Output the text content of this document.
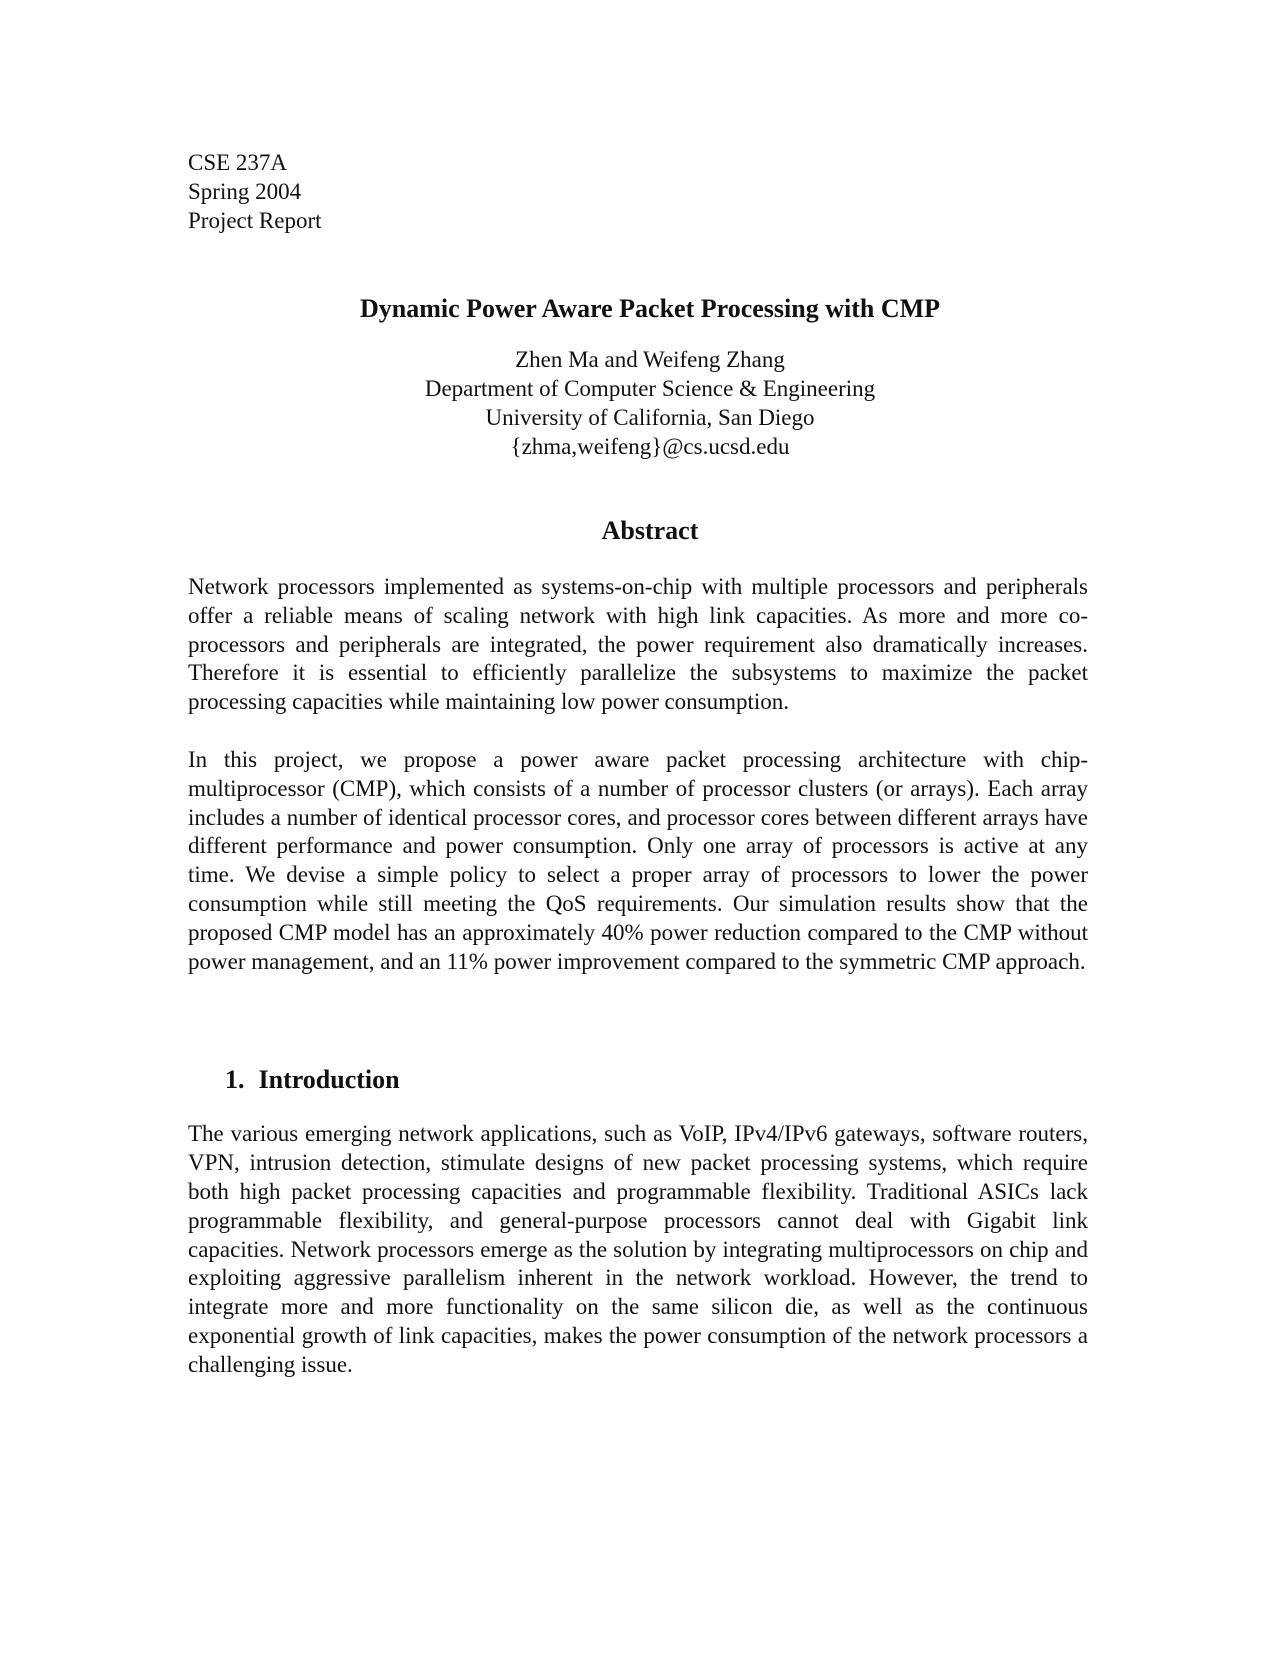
CSE 237A
Spring 2004
Project Report
Dynamic Power Aware Packet Processing with CMP
Zhen Ma and Weifeng Zhang
Department of Computer Science & Engineering
University of California, San Diego
{zhma,weifeng}@cs.ucsd.edu
Abstract

Network processors implemented as systems-on-chip with multiple processors and peripherals offer a reliable means of scaling network with high link capacities. As more and more co-processors and peripherals are integrated, the power requirement also dramatically increases. Therefore it is essential to efficiently parallelize the subsystems to maximize the packet processing capacities while maintaining low power consumption.

In this project, we propose a power aware packet processing architecture with chip-multiprocessor (CMP), which consists of a number of processor clusters (or arrays). Each array includes a number of identical processor cores, and processor cores between different arrays have different performance and power consumption. Only one array of processors is active at any time. We devise a simple policy to select a proper array of processors to lower the power consumption while still meeting the QoS requirements. Our simulation results show that the proposed CMP model has an approximately 40% power reduction compared to the CMP without power management, and an 11% power improvement compared to the symmetric CMP approach.

1. Introduction

The various emerging network applications, such as VoIP, IPv4/IPv6 gateways, software routers, VPN, intrusion detection, stimulate designs of new packet processing systems, which require both high packet processing capacities and programmable flexibility. Traditional ASICs lack programmable flexibility, and general-purpose processors cannot deal with Gigabit link capacities. Network processors emerge as the solution by integrating multiprocessors on chip and exploiting aggressive parallelism inherent in the network workload. However, the trend to integrate more and more functionality on the same silicon die, as well as the continuous exponential growth of link capacities, makes the power consumption of the network processors a challenging issue.
